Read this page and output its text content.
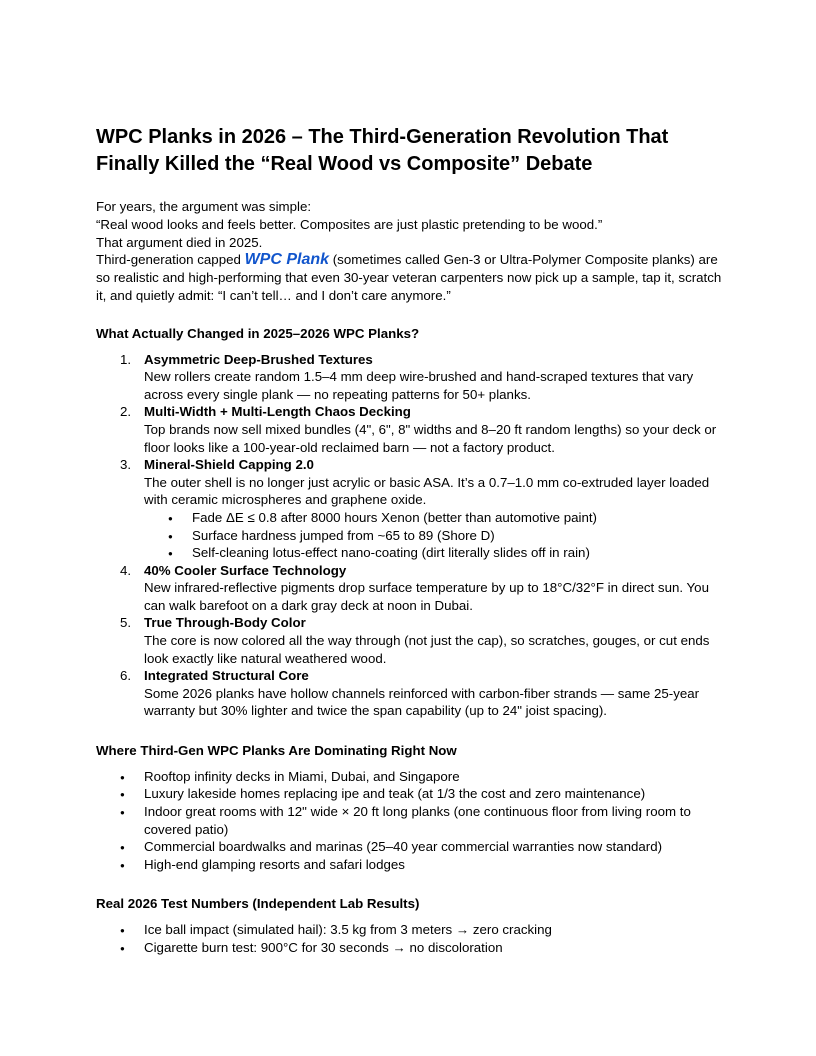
WPC Planks in 2026 – The Third-Generation Revolution That Finally Killed the “Real Wood vs Composite” Debate

For years, the argument was simple:

“Real wood looks and feels better. Composites are just plastic pretending to be wood.”

That argument died in 2025.

Third-generation capped WPC Plank (sometimes called Gen-3 or Ultra-Polymer Composite planks) are so realistic and high-performing that even 30-year veteran carpenters now pick up a sample, tap it, scratch it, and quietly admit: “I can’t tell… and I don’t care anymore.”

What Actually Changed in 2025–2026 WPC Planks?
1. Asymmetric Deep-Brushed Textures
New rollers create random 1.5–4 mm deep wire-brushed and hand-scraped textures that vary across every single plank — no repeating patterns for 50+ planks.
2. Multi-Width + Multi-Length Chaos Decking
Top brands now sell mixed bundles (4", 6", 8" widths and 8–20 ft random lengths) so your deck or floor looks like a 100-year-old reclaimed barn — not a factory product.
3. Mineral-Shield Capping 2.0
The outer shell is no longer just acrylic or basic ASA. It’s a 0.7–1.0 mm co-extruded layer loaded with ceramic microspheres and graphene oxide.
● Fade ΔE ≤ 0.8 after 8000 hours Xenon (better than automotive paint)
● Surface hardness jumped from ~65 to 89 (Shore D)
● Self-cleaning lotus-effect nano-coating (dirt literally slides off in rain)
4. 40% Cooler Surface Technology
New infrared-reflective pigments drop surface temperature by up to 18°C/32°F in direct sun. You can walk barefoot on a dark gray deck at noon in Dubai.
5. True Through-Body Color
The core is now colored all the way through (not just the cap), so scratches, gouges, or cut ends look exactly like natural weathered wood.
6. Integrated Structural Core
Some 2026 planks have hollow channels reinforced with carbon-fiber strands — same 25-year warranty but 30% lighter and twice the span capability (up to 24" joist spacing).
Where Third-Gen WPC Planks Are Dominating Right Now
● Rooftop infinity decks in Miami, Dubai, and Singapore
● Luxury lakeside homes replacing ipe and teak (at 1/3 the cost and zero maintenance)
● Indoor great rooms with 12" wide × 20 ft long planks (one continuous floor from living room to covered patio)
● Commercial boardwalks and marinas (25–40 year commercial warranties now standard)
● High-end glamping resorts and safari lodges
Real 2026 Test Numbers (Independent Lab Results)
● Ice ball impact (simulated hail): 3.5 kg from 3 meters → zero cracking
● Cigarette burn test: 900°C for 30 seconds → no discoloration
